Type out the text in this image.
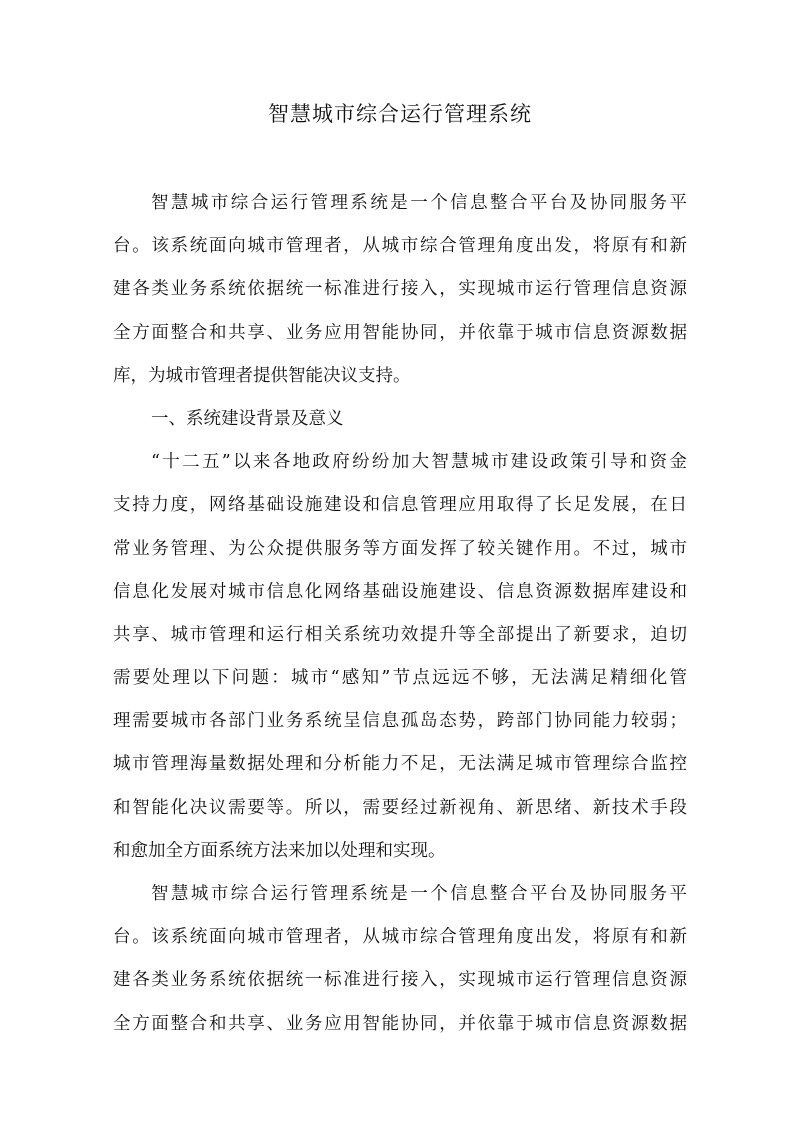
智慧城市综合运行管理系统
智慧城市综合运行管理系统是一个信息整合平台及协同服务平
台。该系统面向城市管理者，从城市综合管理角度出发，将原有和新
建各类业务系统依据统一标准进行接入，实现城市运行管理信息资源
全方面整合和共享、业务应用智能协同，并依靠于城市信息资源数据
库，为城市管理者提供智能决议支持。
一、系统建设背景及意义
“十二五”以来各地政府纷纷加大智慧城市建设政策引导和资金
支持力度，网络基础设施建设和信息管理应用取得了长足发展，在日
常业务管理、为公众提供服务等方面发挥了较关键作用。不过，城市
信息化发展对城市信息化网络基础设施建设、信息资源数据库建设和
共享、城市管理和运行相关系统功效提升等全部提出了新要求，迫切
需要处理以下问题：城市“感知”节点远远不够，无法满足精细化管
理需要城市各部门业务系统呈信息孤岛态势，跨部门协同能力较弱；
城市管理海量数据处理和分析能力不足，无法满足城市管理综合监控
和智能化决议需要等。所以，需要经过新视角、新思绪、新技术手段
和愈加全方面系统方法来加以处理和实现。
智慧城市综合运行管理系统是一个信息整合平台及协同服务平
台。该系统面向城市管理者，从城市综合管理角度出发，将原有和新
建各类业务系统依据统一标准进行接入，实现城市运行管理信息资源
全方面整合和共享、业务应用智能协同，并依靠于城市信息资源数据
